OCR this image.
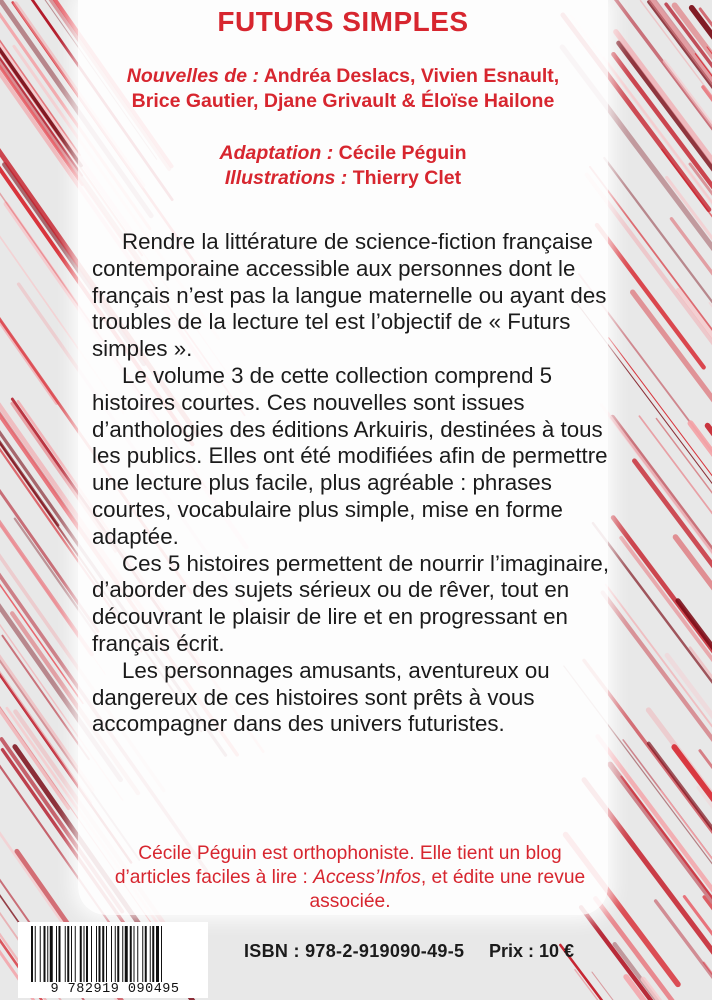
FUTURS SIMPLES
Nouvelles de : Andréa Deslacs, Vivien Esnault,
Brice Gautier, Djane Grivault & Éloïse Hailone
Adaptation : Cécile Péguin
Illustrations : Thierry Clet

Rendre la littérature de science-fiction française contemporaine accessible aux personnes dont le français n’est pas la langue maternelle ou ayant des troubles de la lecture tel est l’objectif de « Futurs simples ».

Le volume 3 de cette collection comprend 5 histoires courtes. Ces nouvelles sont issues d’anthologies des éditions Arkuiris, destinées à tous les publics. Elles ont été modifiées afin de permettre une lecture plus facile, plus agréable : phrases courtes, vocabulaire plus simple, mise en forme adaptée.

Ces 5 histoires permettent de nourrir l’imaginaire, d’aborder des sujets sérieux ou de rêver, tout en découvrant le plaisir de lire et en progressant en français écrit.

Les personnages amusants, aventureux ou dangereux de ces histoires sont prêts à vous accompagner dans des univers futuristes.

Cécile Péguin est orthophoniste. Elle tient un blog d’articles faciles à lire : Access’Infos, et édite une revue associée.
9 782919 090495
ISBN : 978-2-919090-49-5 Prix : 10 €
